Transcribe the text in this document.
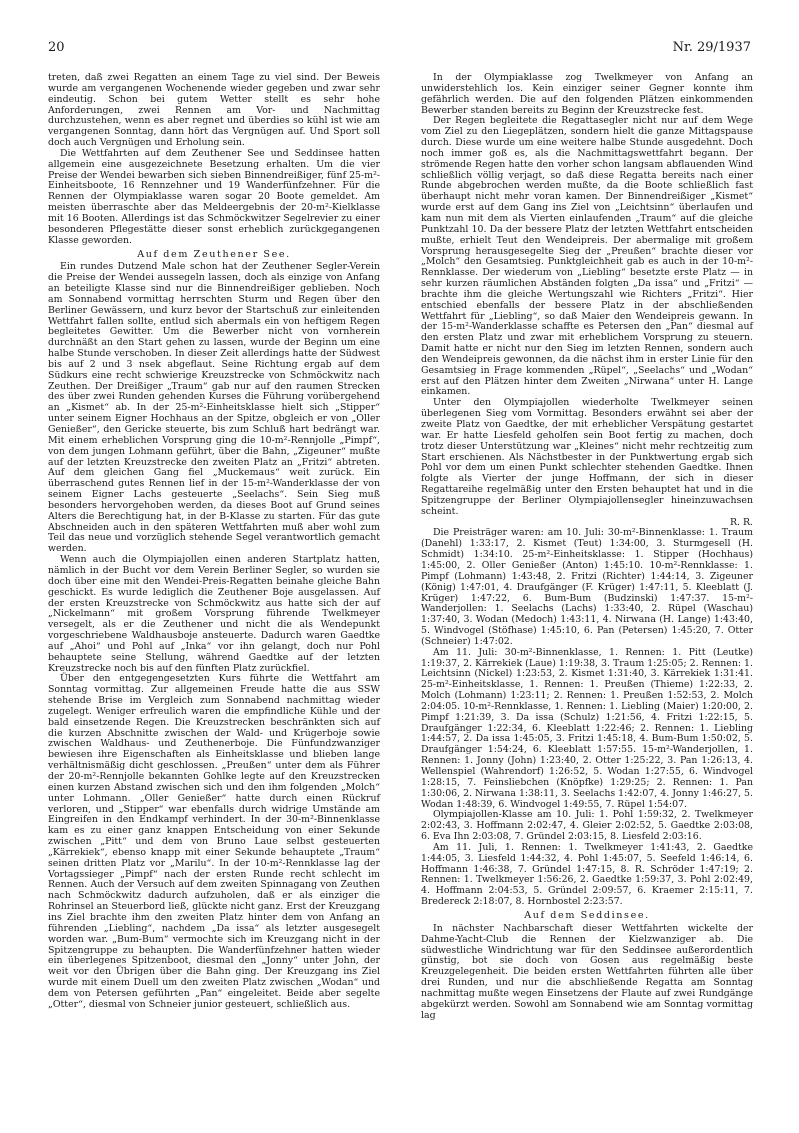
20	Nr. 29/1937

treten, daß zwei Regatten an einem Tage zu viel sind. Der Beweis wurde am vergangenen Wochenende wieder gegeben und zwar sehr eindeutig. Schon bei gutem Wetter stellt es sehr hohe Anforderungen, zwei Rennen am Vor- und Nachmittag durchzustehen, wenn es aber regnet und überdies so kühl ist wie am vergangenen Sonntag, dann hört das Vergnügen auf. Und Sport soll doch auch Vergnügen und Erholung sein.

Die Wettfahrten auf dem Zeuthener See und Seddinsee hatten allgemein eine ausgezeichnete Besetzung erhalten. Um die vier Preise der Wendei bewarben sich sieben Binnendreißiger, fünf 25-m²-Einheitsboote, 16 Rennzehner und 19 Wanderfünfzehner. Für die Rennen der Olympiaklasse waren sogar 20 Boote gemeldet. Am meisten überraschte aber das Meldeergebnis der 20-m²-Kielklasse mit 16 Booten. Allerdings ist das Schmöckwitzer Segelrevier zu einer besonderen Pflegestätte dieser sonst erheblich zurückgegangenen Klasse geworden.

Auf dem Zeuthener See.

Ein rundes Dutzend Male schon hat der Zeuthener Segler-Verein die Preise der Wendei aussegeln lassen, doch als einzige von Anfang an beteiligte Klasse sind nur die Binnendreißiger geblieben. Noch am Sonnabend vormittag herrschten Sturm und Regen über den Berliner Gewässern, und kurz bevor der Startschuß zur einleitenden Wettfahrt fallen sollte, entlud sich abermals ein von heftigem Regen begleitetes Gewitter. Um die Bewerber nicht von vornherein durchnäßt an den Start gehen zu lassen, wurde der Beginn um eine halbe Stunde verschoben. In dieser Zeit allerdings hatte der Südwest bis auf 2 und 3 nsek abgeflaut. Seine Richtung ergab auf dem Südkurs eine recht schwierige Kreuzstrecke von Schmöckwitz nach Zeuthen. Der Dreißiger „Traum“ gab nur auf den raumen Strecken des über zwei Runden gehenden Kurses die Führung vorübergehend an „Kismet“ ab. In der 25-m²-Einheitsklasse hielt sich „Stipper“ unter seinem Eigner Hochhaus an der Spitze, obgleich er von „Oller Genießer“, den Gericke steuerte, bis zum Schluß hart bedrängt war. Mit einem erheblichen Vorsprung ging die 10-m²-Rennjolle „Pimpf“, von dem jungen Lohmann geführt, über die Bahn, „Zigeuner“ mußte auf der letzten Kreuzstrecke den zweiten Platz an „Fritzi“ abtreten. Auf dem gleichen Gang fiel „Muckemaus“ weit zurück. Ein überraschend gutes Rennen lief in der 15-m²-Wanderklasse der von seinem Eigner Lachs gesteuerte „Seelachs“. Sein Sieg muß besonders hervorgehoben werden, da dieses Boot auf Grund seines Alters die Berechtigung hat, in der B-Klasse zu starten. Für das gute Abschneiden auch in den späteren Wettfahrten muß aber wohl zum Teil das neue und vorzüglich stehende Segel verantwortlich gemacht werden.

Wenn auch die Olympiajollen einen anderen Startplatz hatten, nämlich in der Bucht vor dem Verein Berliner Segler, so wurden sie doch über eine mit den Wendei-Preis-Regatten beinahe gleiche Bahn geschickt. Es wurde lediglich die Zeuthener Boje ausgelassen. Auf der ersten Kreuzstrecke von Schmöckwitz aus hatte sich der auf „Nickelmann“ mit großem Vorsprung führende Twelkmeyer versegelt, als er die Zeuthener und nicht die als Wendepunkt vorgeschriebene Waldhausboje ansteuerte. Dadurch waren Gaedtke auf „Ahoi“ und Pohl auf „Inka“ vor ihn gelangt, doch nur Pohl behauptete seine Stellung, während Gaedtke auf der letzten Kreuzstrecke noch bis auf den fünften Platz zurückfiel.

Über den entgegengesetzten Kurs führte die Wettfahrt am Sonntag vormittag. Zur allgemeinen Freude hatte die aus SSW stehende Brise im Vergleich zum Sonnabend nachmittag wieder zugelegt. Weniger erfreulich waren die empfindliche Kühle und der bald einsetzende Regen. Die Kreuzstrecken beschränkten sich auf die kurzen Abschnitte zwischen der Wald- und Krügerboje sowie zwischen Waldhaus- und Zeuthenerboje. Die Fünfundzwanziger bewiesen ihre Eigenschaften als Einheitsklasse und blieben lange verhältnismäßig dicht geschlossen. „Preußen“ unter dem als Führer der 20-m²-Rennjolle bekannten Gohlke legte auf den Kreuzstrecken einen kurzen Abstand zwischen sich und den ihm folgenden „Molch“ unter Lohmann. „Oller Genießer“ hatte durch einen Rückruf verloren, und „Stipper“ war ebenfalls durch widrige Umstände am Eingreifen in den Endkampf verhindert. In der 30-m²-Binnenklasse kam es zu einer ganz knappen Entscheidung von einer Sekunde zwischen „Pitt“ und dem von Bruno Laue selbst gesteuerten „Kärrekiek“, ebenso knapp mit einer Sekunde behauptete „Traum“ seinen dritten Platz vor „Marilu“. In der 10-m²-Rennklasse lag der Vortagssieger „Pimpf“ nach der ersten Runde recht schlecht im Rennen. Auch der Versuch auf dem zweiten Spinnagang von Zeuthen nach Schmöckwitz dadurch aufzuholen, daß er als einziger die Rohrinsel an Steuerbord ließ, glückte nicht ganz. Erst der Kreuzgang ins Ziel brachte ihm den zweiten Platz hinter dem von Anfang an führenden „Liebling“, nachdem „Da issa“ als letzter ausgesegelt worden war. „Bum-Bum“ vermochte sich im Kreuzgang nicht in der Spitzengruppe zu behaupten. Die Wanderfünfzehner hatten wieder ein überlegenes Spitzenboot, diesmal den „Jonny“ unter John, der weit vor den Übrigen über die Bahn ging. Der Kreuzgang ins Ziel wurde mit einem Duell um den zweiten Platz zwischen „Wodan“ und dem von Petersen geführten „Pan“ eingeleitet. Beide aber segelte „Otter“, diesmal von Schneier junior gesteuert, schließlich aus.

In der Olympiaklasse zog Twelkmeyer von Anfang an unwiderstehlich los. Kein einziger seiner Gegner konnte ihm gefährlich werden. Die auf den folgenden Plätzen einkommenden Bewerber standen bereits zu Beginn der Kreuzstrecke fest.

Der Regen begleitete die Regattasegler nicht nur auf dem Wege vom Ziel zu den Liegeplätzen, sondern hielt die ganze Mittagspause durch. Diese wurde um eine weitere halbe Stunde ausgedehnt. Doch noch immer goß es, als die Nachmittagswettfahrt begann. Der strömende Regen hatte den vorher schon langsam abflauenden Wind schließlich völlig verjagt, so daß diese Regatta bereits nach einer Runde abgebrochen werden mußte, da die Boote schließlich fast überhaupt nicht mehr voran kamen. Der Binnendreißiger „Kismet“ wurde erst auf dem Gang ins Ziel von „Leichtsinn“ überlaufen und kam nun mit dem als Vierten einlaufenden „Traum“ auf die gleiche Punktzahl 10. Da der bessere Platz der letzten Wettfahrt entscheiden mußte, erhielt Teut den Wendeipreis. Der abermalige mit großem Vorsprung herausgesegelte Sieg der „Preußen“ brachte dieser vor „Molch“ den Gesamtsieg. Punktgleichheit gab es auch in der 10-m²-Rennklasse. Der wiederum von „Liebling“ besetzte erste Platz — in sehr kurzen räumlichen Abständen folgten „Da issa“ und „Fritzi“ — brachte ihm die gleiche Wertungszahl wie Richters „Fritzi“. Hier entschied ebenfalls der bessere Platz in der abschließenden Wettfahrt für „Liebling“, so daß Maier den Wendeipreis gewann. In der 15-m²-Wanderklasse schaffte es Petersen den „Pan“ diesmal auf den ersten Platz und zwar mit erheblichem Vorsprung zu steuern. Damit hatte er nicht nur den Sieg im letzten Rennen, sondern auch den Wendeipreis gewonnen, da die nächst ihm in erster Linie für den Gesamtsieg in Frage kommenden „Rüpel“, „Seelachs“ und „Wodan“ erst auf den Plätzen hinter dem Zweiten „Nirwana“ unter H. Lange einkamen.

Unter den Olympiajollen wiederholte Twelkmeyer seinen überlegenen Sieg vom Vormittag. Besonders erwähnt sei aber der zweite Platz von Gaedtke, der mit erheblicher Verspätung gestartet war. Er hatte Liesfeld geholfen sein Boot fertig zu machen, doch trotz dieser Unterstützung war „Kleines“ nicht mehr rechtzeitig zum Start erschienen. Als Nächstbester in der Punktwertung ergab sich Pohl vor dem um einen Punkt schlechter stehenden Gaedtke. Ihnen folgte als Vierter der junge Hoffmann, der sich in dieser Regattareihe regelmäßig unter den Ersten behauptet hat und in die Spitzengruppe der Berliner Olympiajollensegler hineinzuwachsen scheint.

R. R.

Die Preisträger waren: am 10. Juli: 30-m²-Binnenklasse: 1. Traum (Danehl) 1:33:17, 2. Kismet (Teut) 1:34:00, 3. Sturmgesell (H. Schmidt) 1:34:10. 25-m²-Einheitsklasse: 1. Stipper (Hochhaus) 1:45:00, 2. Oller Genießer (Anton) 1:45:10. 10-m²-Rennklasse: 1. Pimpf (Lohmann) 1:43:48, 2. Fritzi (Richter) 1:44:14, 3. Zigeuner (König) 1:47:01, 4. Draufgänger (F. Krüger) 1:47:11, 5. Kleeblatt (J. Krüger) 1:47:22, 6. Bum-Bum (Budzinski) 1:47:37. 15-m²-Wanderjollen: 1. Seelachs (Lachs) 1:33:40, 2. Rüpel (Waschau) 1:37:40, 3. Wodan (Medoch) 1:43:11, 4. Nirwana (H. Lange) 1:43:40, 5. Windvogel (Stöfhase) 1:45:10, 6. Pan (Petersen) 1:45:20, 7. Otter (Schneier) 1:47:02.

Am 11. Juli: 30-m²-Binnenklasse, 1. Rennen: 1. Pitt (Leutke) 1:19:37, 2. Kärrekiek (Laue) 1:19:38, 3. Traum 1:25:05; 2. Rennen: 1. Leichtsinn (Nickel) 1:23:53, 2. Kismet 1:31:40, 3. Kärrekiek 1:31:41. 25-m²-Einheitsklasse, 1. Rennen: 1. Preußen (Thieme) 1:22:33, 2. Molch (Lohmann) 1:23:11; 2. Rennen: 1. Preußen 1:52:53, 2. Molch 2:04:05. 10-m²-Rennklasse, 1. Rennen: 1. Liebling (Maier) 1:20:00, 2. Pimpf 1:21:39, 3. Da issa (Schulz) 1:21:56, 4. Fritzi 1:22:15, 5. Draufgänger 1:22:34, 6. Kleeblatt 1:22:46; 2. Rennen: 1. Liebling 1:44:57, 2. Da issa 1:45:05, 3. Fritzi 1:45:18, 4. Bum-Bum 1:50:02, 5. Draufgänger 1:54:24, 6. Kleeblatt 1:57:55. 15-m²-Wanderjollen, 1. Rennen: 1. Jonny (John) 1:23:40, 2. Otter 1:25:22, 3. Pan 1:26:13, 4. Wellenspiel (Wahrendorf) 1:26:52, 5. Wodan 1:27:55, 6. Windvogel 1:28:15, 7. Feinsliebchen (Knöpfke) 1:29:25; 2. Rennen: 1. Pan 1:30:06, 2. Nirwana 1:38:11, 3. Seelachs 1:42:07, 4. Jonny 1:46:27, 5. Wodan 1:48:39, 6. Windvogel 1:49:55, 7. Rüpel 1:54:07.

Olympiajollen-Klasse am 10. Juli: 1. Pohl 1:59:32, 2. Twelkmeyer 2:02:43, 3. Hoffmann 2:02:47, 4. Gleier 2:02:52, 5. Gaedtke 2:03:08, 6. Eva Ihn 2:03:08, 7. Gründel 2:03:15, 8. Liesfeld 2:03:16.

Am 11. Juli, 1. Rennen: 1. Twelkmeyer 1:41:43, 2. Gaedtke 1:44:05, 3. Liesfeld 1:44:32, 4. Pohl 1:45:07, 5. Seefeld 1:46:14, 6. Hoffmann 1:46:38, 7. Gründel 1:47:15, 8. R. Schröder 1:47:19; 2. Rennen: 1. Twelkmeyer 1:56:26, 2. Gaedtke 1:59:37, 3. Pohl 2:02:49, 4. Hoffmann 2:04:53, 5. Gründel 2:09:57, 6. Kraemer 2:15:11, 7. Bredereck 2:18:07, 8. Hornbostel 2:23:57.

Auf dem Seddinsee.

In nächster Nachbarschaft dieser Wettfahrten wickelte der Dahme-Yacht-Club die Rennen der Kielzwanziger ab. Die südwestliche Windrichtung war für den Seddinsee außerordentlich günstig, bot sie doch von Gosen aus regelmäßig beste Kreuzgelegenheit. Die beiden ersten Wettfahrten führten alle über drei Runden, und nur die abschließende Regatta am Sonntag nachmittag mußte wegen Einsetzens der Flaute auf zwei Rundgänge abgekürzt werden. Sowohl am Sonnabend wie am Sonntag vormittag lag
